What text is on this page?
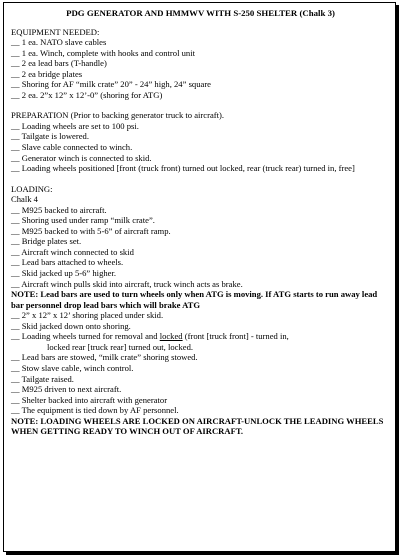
PDG GENERATOR AND HMMWV WITH S-250 SHELTER (Chalk 3)
EQUIPMENT NEEDED:
__ 1 ea. NATO slave cables
__ 1 ea. Winch, complete with hooks and control unit
__ 2 ea lead bars (T-handle)
__ 2 ea bridge plates
__ Shoring for AF “milk crate” 20” - 24” high, 24” square
__ 2 ea. 2”x 12” x 12’-0” (shoring for ATG)
PREPARATION (Prior to backing generator truck to aircraft).
__ Loading wheels are set to 100 psi.
__ Tailgate is lowered.
__ Slave cable connected to winch.
__ Generator winch is connected to skid.
__ Loading wheels positioned [front (truck front) turned out locked, rear (truck rear) turned in, free]
LOADING:
Chalk 4
__ M925 backed to aircraft.
__ Shoring used under ramp “milk crate”.
__ M925 backed to with 5-6” of aircraft ramp.
__ Bridge plates set.
__ Aircraft winch connected to skid
__ Lead bars attached to wheels.
__ Skid jacked up 5-6” higher.
__ Aircraft winch pulls skid into aircraft, truck winch acts as brake.
NOTE: Lead bars are used to turn wheels only when ATG is moving. If ATG starts to run away lead bar personnel drop lead bars which will brake ATG
__ 2” x 12” x 12’ shoring placed under skid.
__ Skid jacked down onto shoring.
__ Loading wheels turned for removal and locked (front [truck front] - turned in,
locked rear [truck rear] turned out, locked.
__ Lead bars are stowed, “milk crate” shoring stowed.
__ Stow slave cable, winch control.
__ Tailgate raised.
__ M925 driven to next aircraft.
__ Shelter backed into aircraft with generator
__ The equipment is tied down by AF personnel.
NOTE: LOADING WHEELS ARE LOCKED ON AIRCRAFT-UNLOCK THE LEADING WHEELS WHEN GETTING READY TO WINCH OUT OF AIRCRAFT.
